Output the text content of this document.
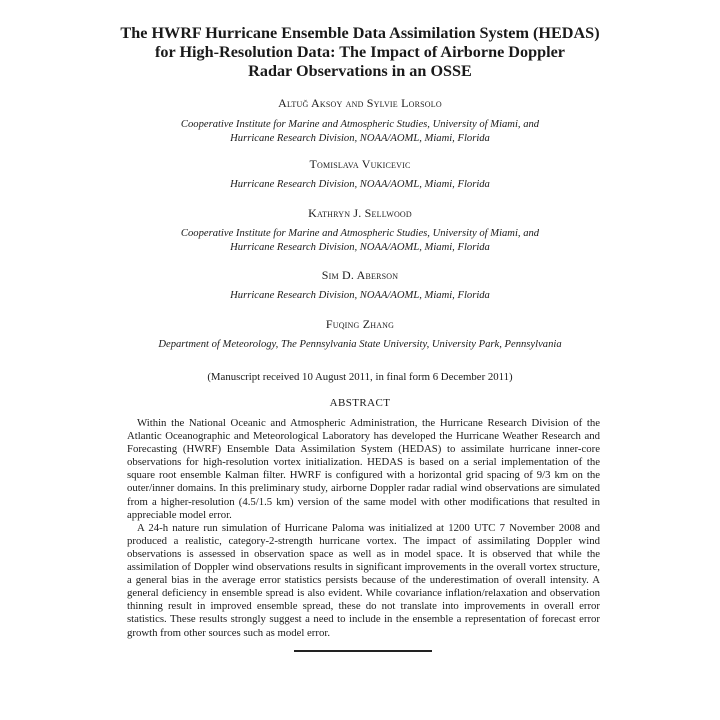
The HWRF Hurricane Ensemble Data Assimilation System (HEDAS)
for High-Resolution Data: The Impact of Airborne Doppler
Radar Observations in an OSSE
Altuğ Aksoy and Sylvie Lorsolo
Cooperative Institute for Marine and Atmospheric Studies, University of Miami, and
Hurricane Research Division, NOAA/AOML, Miami, Florida
Tomislava Vukicevic
Hurricane Research Division, NOAA/AOML, Miami, Florida
Kathryn J. Sellwood
Cooperative Institute for Marine and Atmospheric Studies, University of Miami, and
Hurricane Research Division, NOAA/AOML, Miami, Florida
Sim D. Aberson
Hurricane Research Division, NOAA/AOML, Miami, Florida
Fuqing Zhang
Department of Meteorology, The Pennsylvania State University, University Park, Pennsylvania
(Manuscript received 10 August 2011, in final form 6 December 2011)
ABSTRACT

Within the National Oceanic and Atmospheric Administration, the Hurricane Research Division of the Atlantic Oceanographic and Meteorological Laboratory has developed the Hurricane Weather Research and Forecasting (HWRF) Ensemble Data Assimilation System (HEDAS) to assimilate hurricane inner-core observations for high-resolution vortex initialization. HEDAS is based on a serial implementation of the square root ensemble Kalman filter. HWRF is configured with a horizontal grid spacing of 9/3 km on the outer/inner domains. In this preliminary study, airborne Doppler radar radial wind observations are simulated from a higher-resolution (4.5/1.5 km) version of the same model with other modifications that resulted in appreciable model error.

A 24-h nature run simulation of Hurricane Paloma was initialized at 1200 UTC 7 November 2008 and produced a realistic, category-2-strength hurricane vortex. The impact of assimilating Doppler wind observations is assessed in observation space as well as in model space. It is observed that while the assimilation of Doppler wind observations results in significant improvements in the overall vortex structure, a general bias in the average error statistics persists because of the underestimation of overall intensity. A general deficiency in ensemble spread is also evident. While covariance inflation/relaxation and observation thinning result in improved ensemble spread, these do not translate into improvements in overall error statistics. These results strongly suggest a need to include in the ensemble a representation of forecast error growth from other sources such as model error.
